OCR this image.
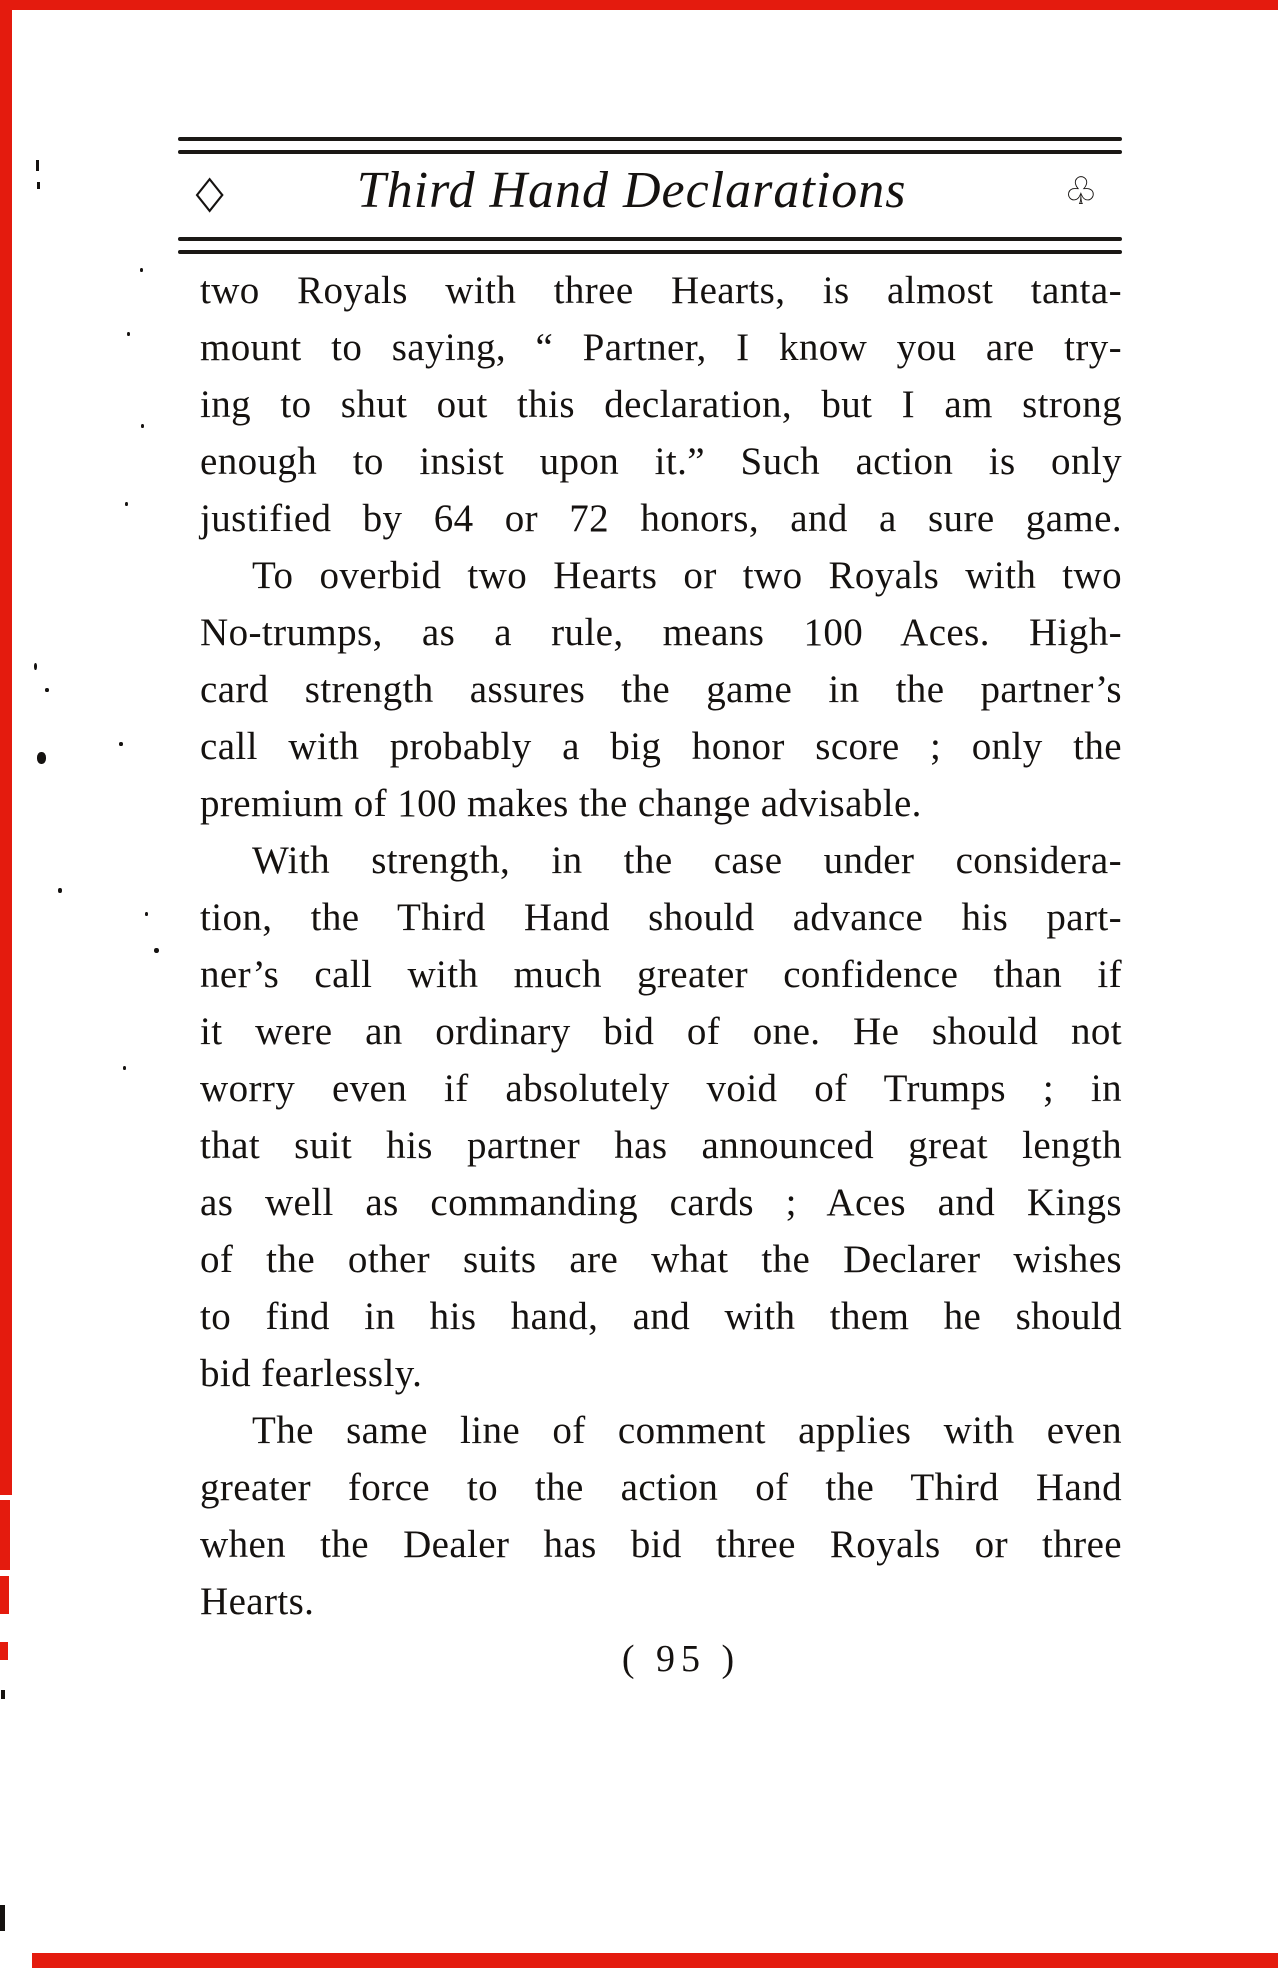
◇	Third Hand Declarations	♧
two Royals with three Hearts, is almost tanta-
mount to saying, “ Partner, I know you are try-
ing to shut out this declaration, but I am strong
enough to insist upon it.” Such action is only
justified by 64 or 72 honors, and a sure game.
To overbid two Hearts or two Royals with two
No-trumps, as a rule, means 100 Aces. High-
card strength assures the game in the partner’s
call with probably a big honor score ; only the
premium of 100 makes the change advisable.
With strength, in the case under considera-
tion, the Third Hand should advance his part-
ner’s call with much greater confidence than if
it were an ordinary bid of one. He should not
worry even if absolutely void of Trumps ; in
that suit his partner has announced great length
as well as commanding cards ; Aces and Kings
of the other suits are what the Declarer wishes
to find in his hand, and with them he should
bid fearlessly.
The same line of comment applies with even
greater force to the action of the Third Hand
when the Dealer has bid three Royals or three
Hearts.
( 95 )
